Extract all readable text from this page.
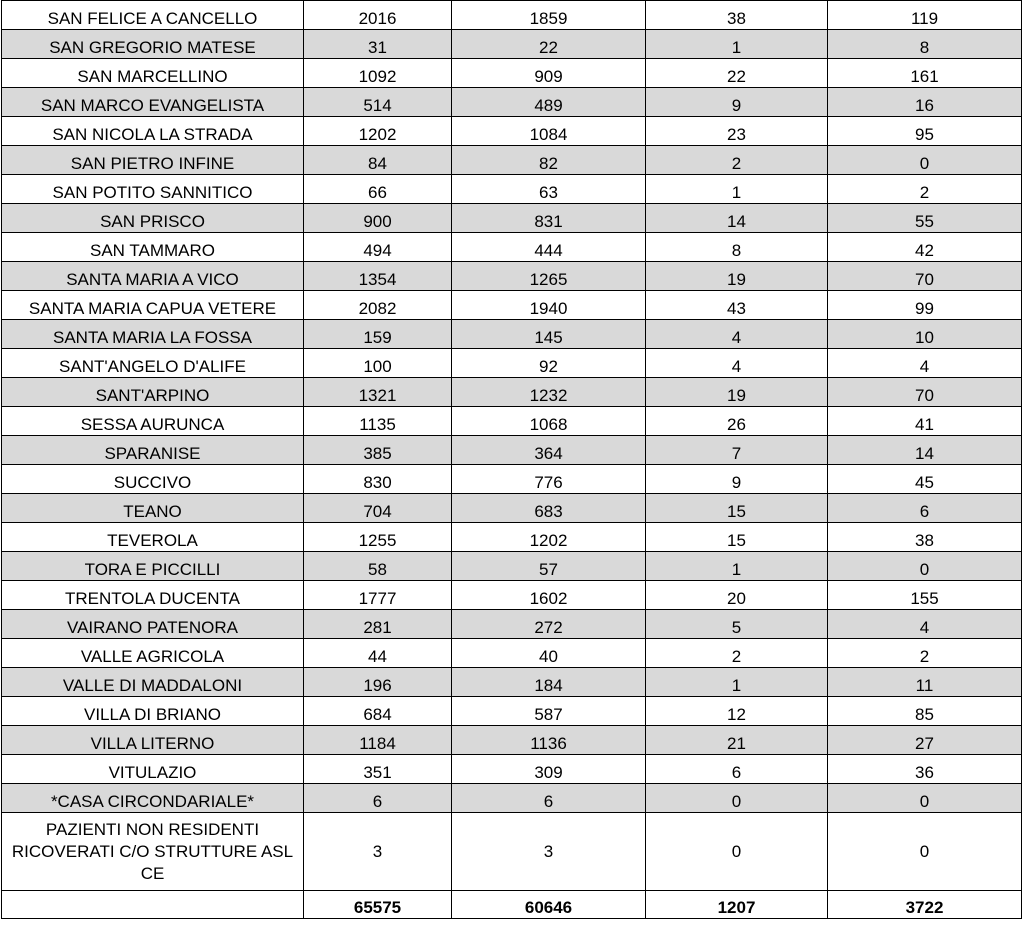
SAN FELICE A CANCELLO	2016	1859	38	119
SAN GREGORIO MATESE	31	22	1	8
SAN MARCELLINO	1092	909	22	161
SAN MARCO EVANGELISTA	514	489	9	16
SAN NICOLA LA STRADA	1202	1084	23	95
SAN PIETRO INFINE	84	82	2	0
SAN POTITO SANNITICO	66	63	1	2
SAN PRISCO	900	831	14	55
SAN TAMMARO	494	444	8	42
SANTA MARIA A VICO	1354	1265	19	70
SANTA MARIA CAPUA VETERE	2082	1940	43	99
SANTA MARIA LA FOSSA	159	145	4	10
SANT'ANGELO D'ALIFE	100	92	4	4
SANT'ARPINO	1321	1232	19	70
SESSA AURUNCA	1135	1068	26	41
SPARANISE	385	364	7	14
SUCCIVO	830	776	9	45
TEANO	704	683	15	6
TEVEROLA	1255	1202	15	38
TORA E PICCILLI	58	57	1	0
TRENTOLA DUCENTA	1777	1602	20	155
VAIRANO PATENORA	281	272	5	4
VALLE AGRICOLA	44	40	2	2
VALLE DI MADDALONI	196	184	1	11
VILLA DI BRIANO	684	587	12	85
VILLA LITERNO	1184	1136	21	27
VITULAZIO	351	309	6	36
*CASA CIRCONDARIALE*	6	6	0	0
PAZIENTI NON RESIDENTI RICOVERATI C/O STRUTTURE ASL CE	3	3	0	0
	65575	60646	1207	3722
